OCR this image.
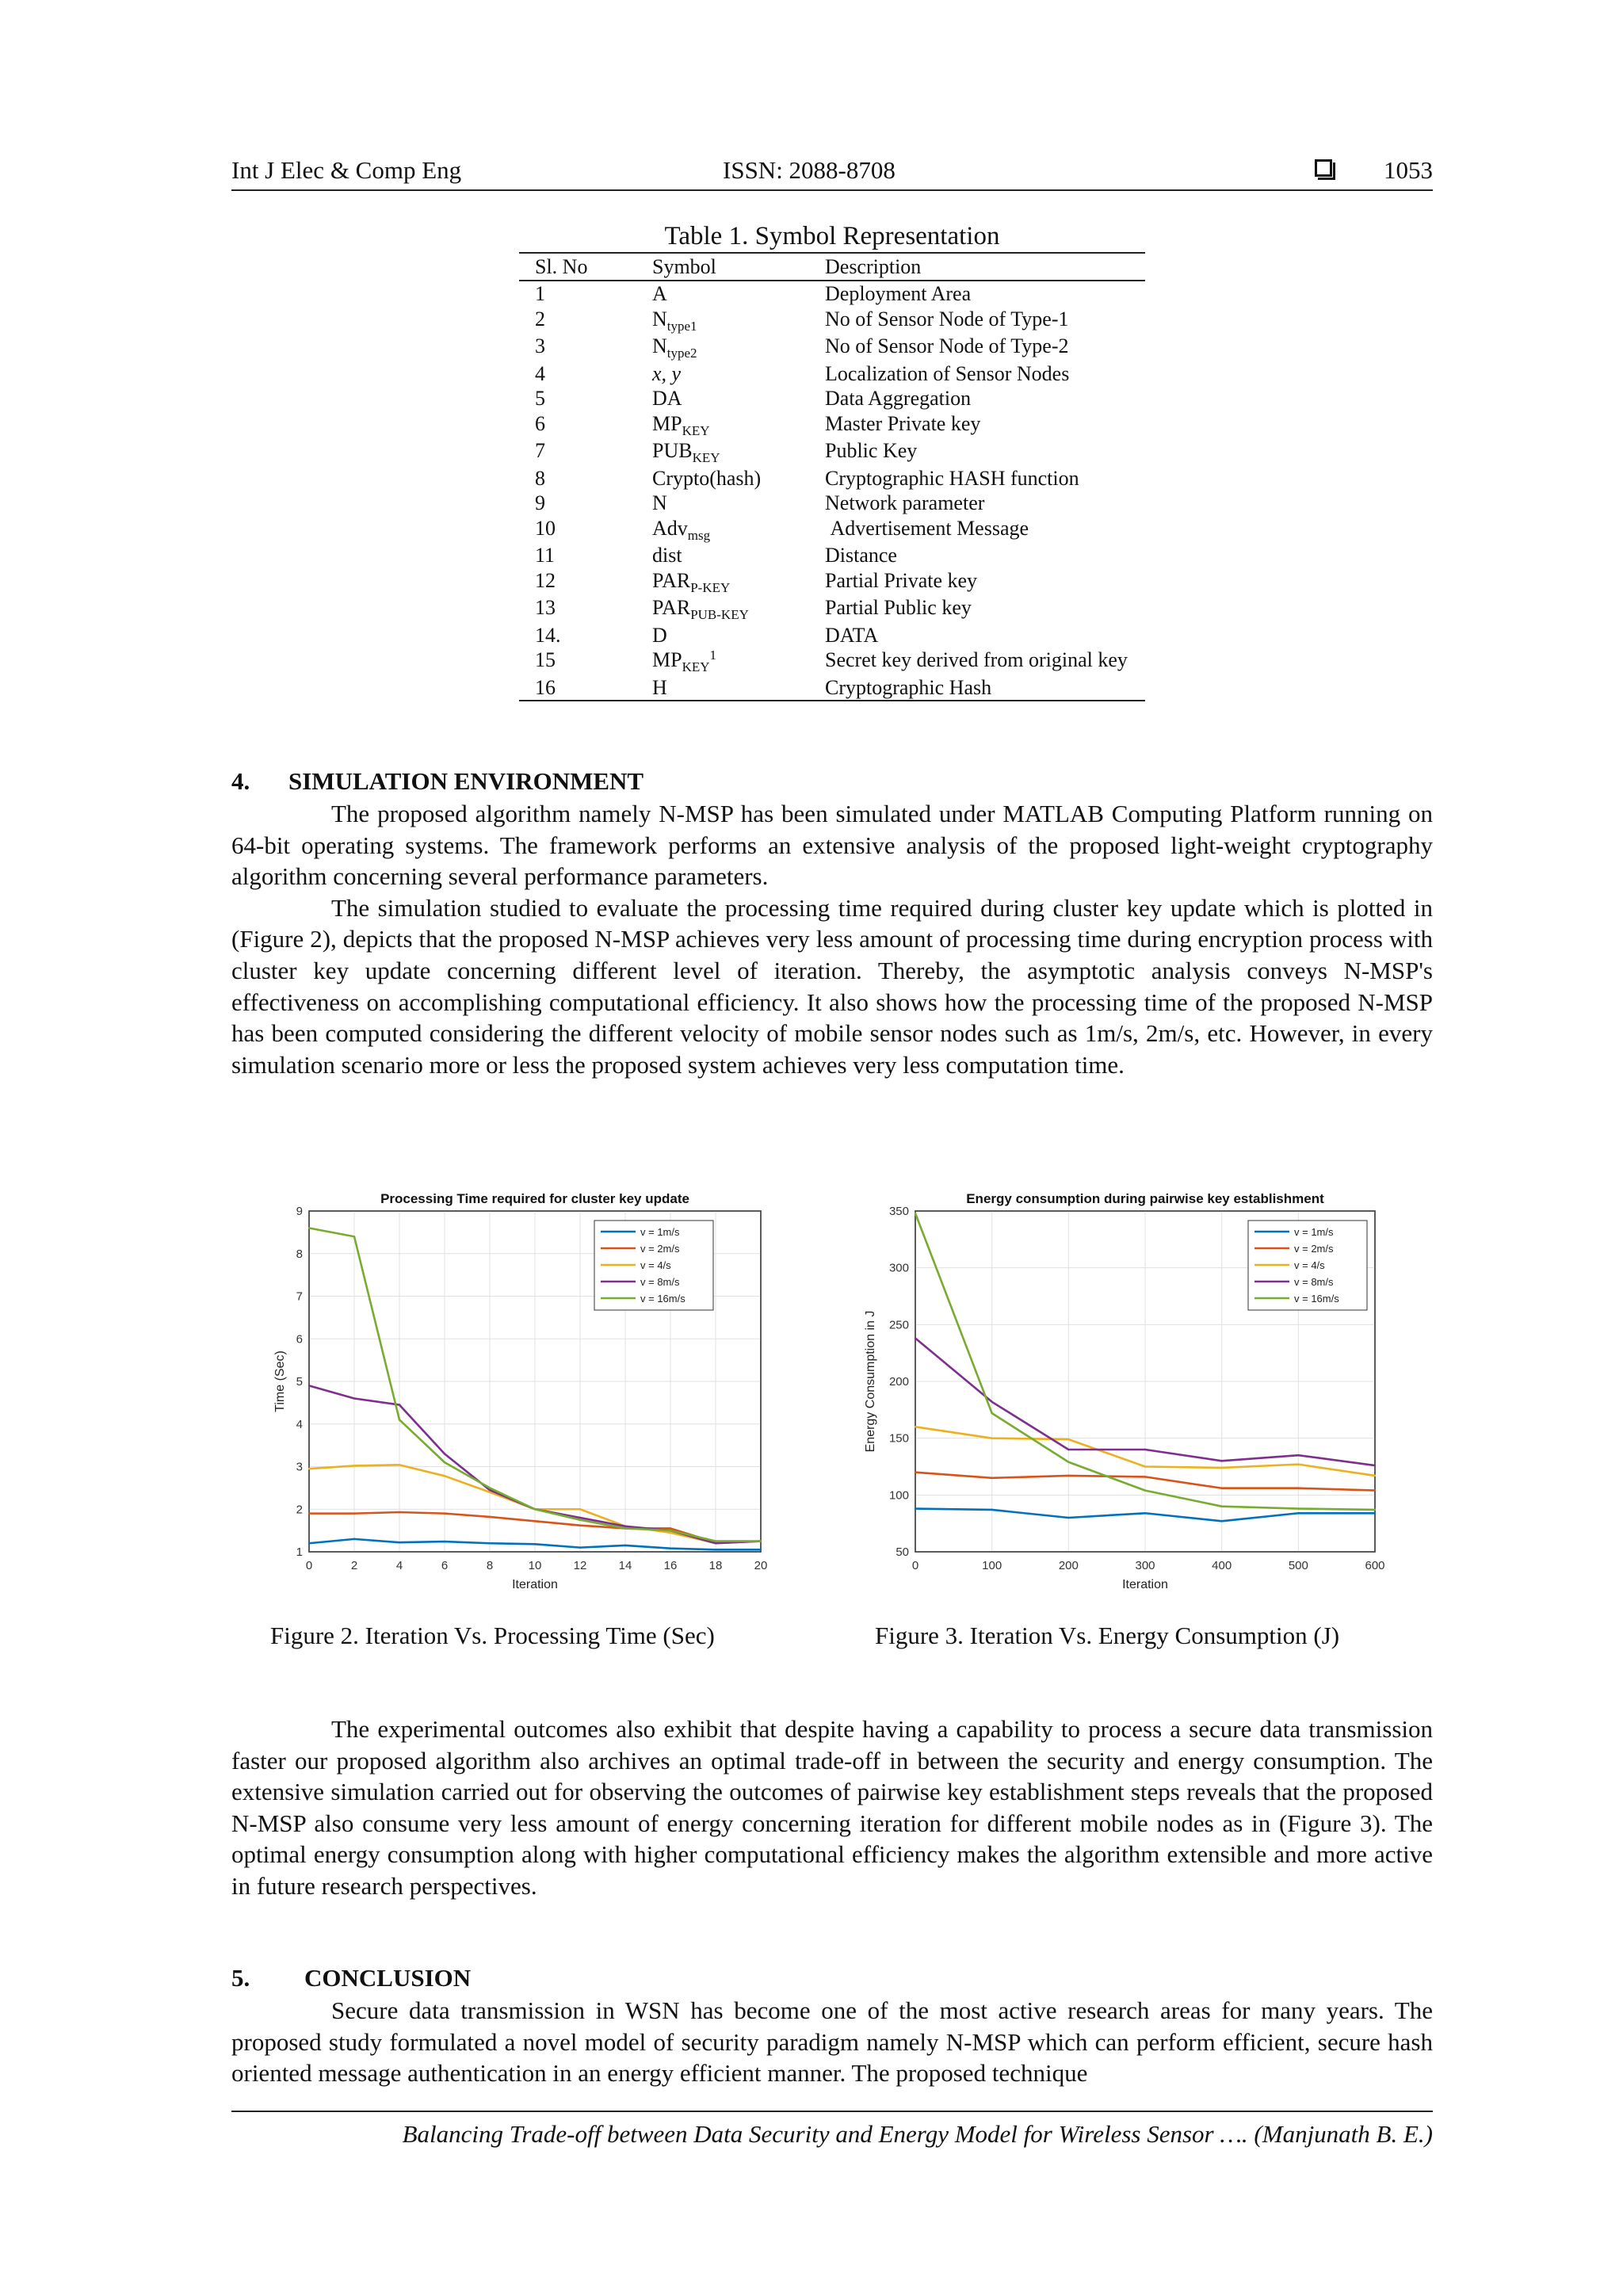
Int J Elec & Comp Eng	ISSN: 2088-8708	1053
Table 1. Symbol Representation
Sl. No	Symbol	Description
1	A	Deployment Area
2	$N_{type1}$	No of Sensor Node of Type-1
3	$N_{type2}$	No of Sensor Node of Type-2
4	x, y	Localization of Sensor Nodes
5	DA	Data Aggregation
6	$MP_{KEY}$	Master Private key
7	$PUB_{KEY}$	Public Key
8	Crypto(hash)	Cryptographic HASH function
9	N	Network parameter
10	Adv$_{msg}$	Advertisement Message
11	dist	Distance
12	$PAR_{P-KEY}$	Partial Private key
13	$PAR_{PUB-KEY}$	Partial Public key
14.	D	DATA
15	$MP_{KEY}^1$	Secret key derived from original key
16	H	Cryptographic Hash
4. SIMULATION ENVIRONMENT

The proposed algorithm namely N-MSP has been simulated under MATLAB Computing Platform running on 64-bit operating systems. The framework performs an extensive analysis of the proposed light-weight cryptography algorithm concerning several performance parameters.

The simulation studied to evaluate the processing time required during cluster key update which is plotted in (Figure 2), depicts that the proposed N-MSP achieves very less amount of processing time during encryption process with cluster key update concerning different level of iteration. Thereby, the asymptotic analysis conveys N-MSP's effectiveness on accomplishing computational efficiency. It also shows how the processing time of the proposed N-MSP has been computed considering the different velocity of mobile sensor nodes such as 1m/s, 2m/s, etc. However, in every simulation scenario more or less the proposed system achieves very less computation time.

0	2	4	6	8	10	12	14	16	18	20
1
2
3
4
5
6
7
8
9
Processing Time required for cluster key update
Iteration
Time (Sec)
v = 1m/s
v = 2m/s
v = 4/s
v = 8m/s
v = 16m/s
Figure 2. Iteration Vs. Processing Time (Sec)
0	100	200	300	400	500	600
50
100
150
200
250
300
350
Energy consumption during pairwise key establishment
Iteration
Energy Consumption in J
v = 1m/s
v = 2m/s
v = 4/s
v = 8m/s
v = 16m/s
Figure 3. Iteration Vs. Energy Consumption (J)

The experimental outcomes also exhibit that despite having a capability to process a secure data transmission faster our proposed algorithm also archives an optimal trade-off in between the security and energy consumption. The extensive simulation carried out for observing the outcomes of pairwise key establishment steps reveals that the proposed N-MSP also consume very less amount of energy concerning iteration for different mobile nodes as in (Figure 3). The optimal energy consumption along with higher computational efficiency makes the algorithm extensible and more active in future research perspectives.

5. CONCLUSION

Secure data transmission in WSN has become one of the most active research areas for many years. The proposed study formulated a novel model of security paradigm namely N-MSP which can perform efficient, secure hash oriented message authentication in an energy efficient manner. The proposed technique

Balancing Trade-off between Data Security and Energy Model for Wireless Sensor …. (Manjunath B. E.)
